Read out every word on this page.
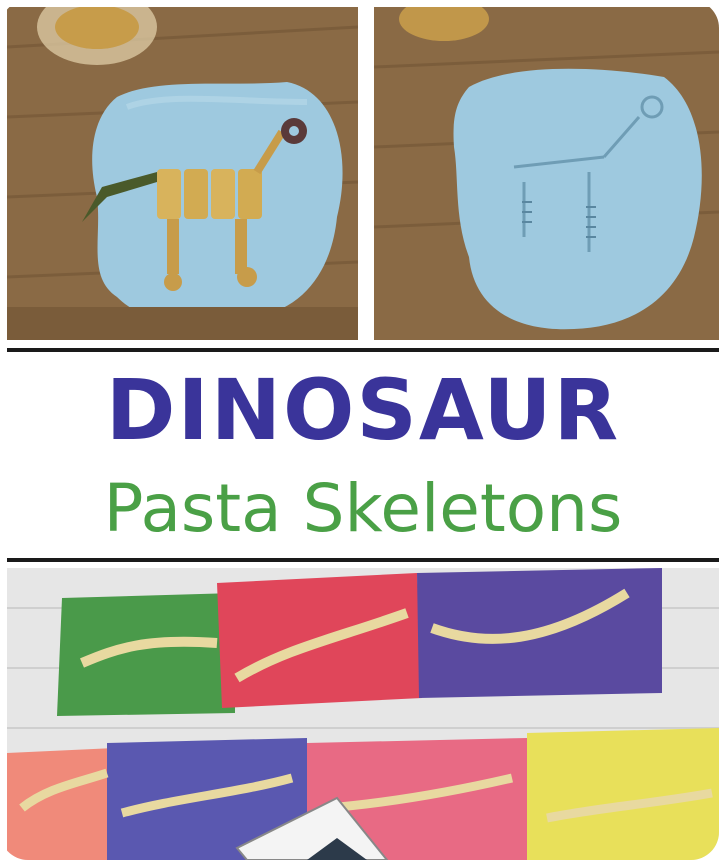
DINOSAUR
Pasta Skeletons
